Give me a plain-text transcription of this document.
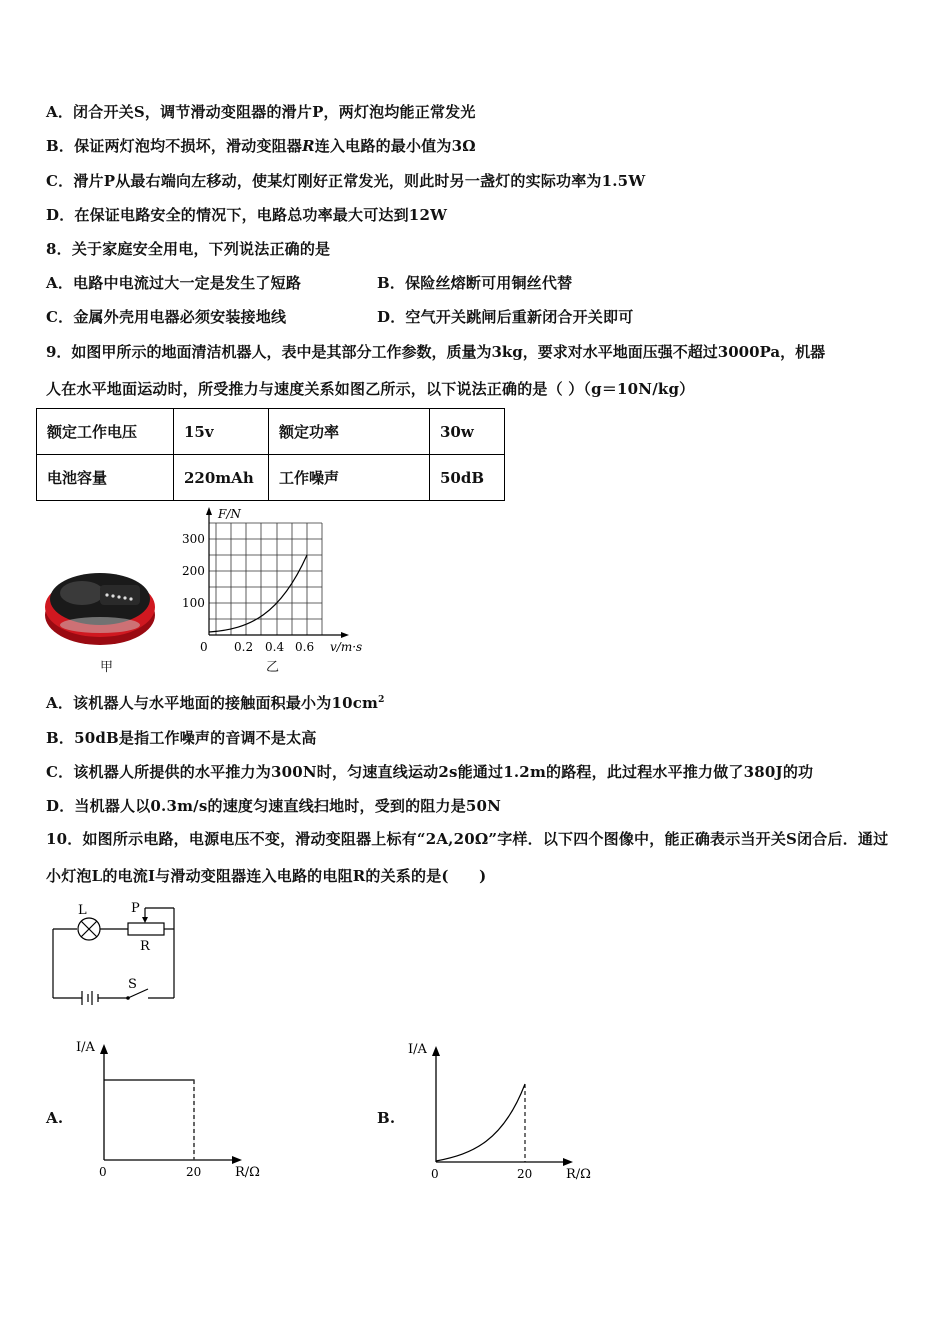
A．闭合开关S，调节滑动变阻器的滑片P，两灯泡均能正常发光
B．保证两灯泡均不损坏，滑动变阻器R连入电路的最小值为3Ω
C．滑片P从最右端向左移动，使某灯刚好正常发光，则此时另一盏灯的实际功率为1.5W
D．在保证电路安全的情况下，电路总功率最大可达到12W
8．关于家庭安全用电，下列说法正确的是
A．电路中电流过大一定是发生了短路	B．保险丝熔断可用铜丝代替
C．金属外壳用电器必须安装接地线	D．空气开关跳闸后重新闭合开关即可
9．如图甲所示的地面清洁机器人，表中是其部分工作参数，质量为3kg，要求对水平地面压强不超过3000Pa，机器
人在水平地面运动时，所受推力与速度关系如图乙所示，以下说法正确的是（ ）（g＝10N/kg）
额定工作电压	15v	额定功率	30w
电池容量	220mAh	工作噪声	50dB
甲
F/N
300
200
100
0 0.2 0.4 0.6 v/m·s
乙
A．该机器人与水平地面的接触面积最小为$10cm^2$
B．50dB是指工作噪声的音调不是太高
C．该机器人所提供的水平推力为300N时，匀速直线运动2s能通过1.2m的路程，此过程水平推力做了380J的功
D．当机器人以0.3m/s的速度匀速直线扫地时，受到的阻力是50N
10．如图所示电路，电源电压不变，滑动变阻器上标有“2A,20Ω”字样．以下四个图像中，能正确表示当开关S闭合后．通过小灯泡L的电流I与滑动变阻器连入电路的电阻R的关系的是(　　)
L	P
R
S
A.
I/A
0	20	R/Ω
B.
I/A
0	20	R/Ω
